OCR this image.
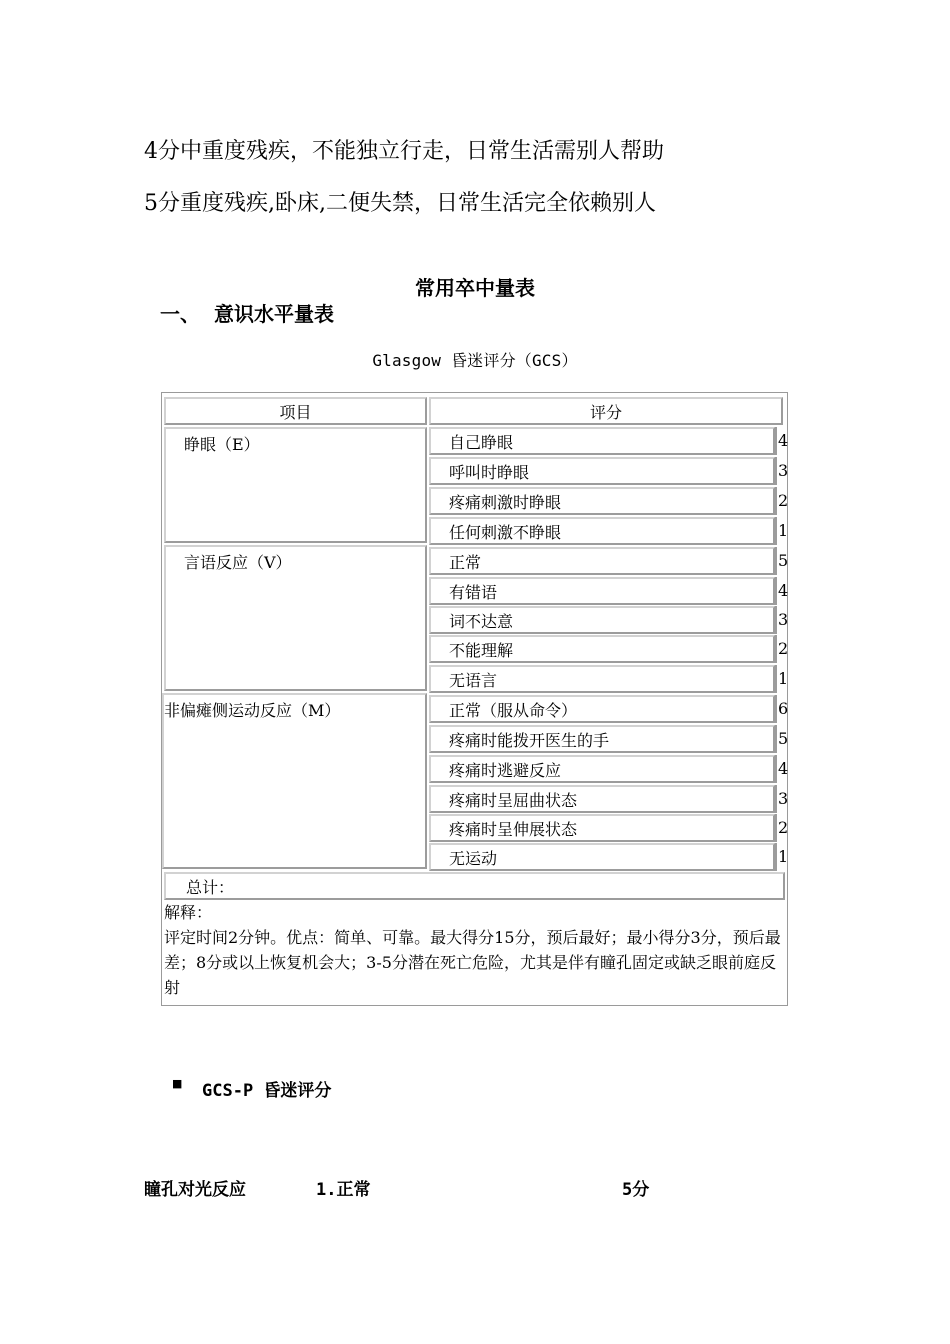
4分中重度残疾，不能独立行走，日常生活需别人帮助
5分重度残疾,卧床,二便失禁，日常生活完全依赖别人
常用卒中量表
一、 意识水平量表
Glasgow 昏迷评分（GCS）
项目	评分
睁眼（E）	自己睁眼	4
呼叫时睁眼	3
疼痛刺激时睁眼	2
任何刺激不睁眼	1
言语反应（V）	正常	5
有错语	4
词不达意	3
不能理解	2
无语言	1
非偏瘫侧运动反应（M）	正常（服从命令）	6
疼痛时能拨开医生的手	5
疼痛时逃避反应	4
疼痛时呈屈曲状态	3
疼痛时呈伸展状态	2
无运动	1
总计：
解释：
评定时间2分钟。优点：简单、可靠。最大得分15分，预后最好；最小得分3分，预后最差；8分或以上恢复机会大；3-5分潜在死亡危险，尤其是伴有瞳孔固定或缺乏眼前庭反射
■ GCS-P 昏迷评分
瞳孔对光反应	1.正常	5分
